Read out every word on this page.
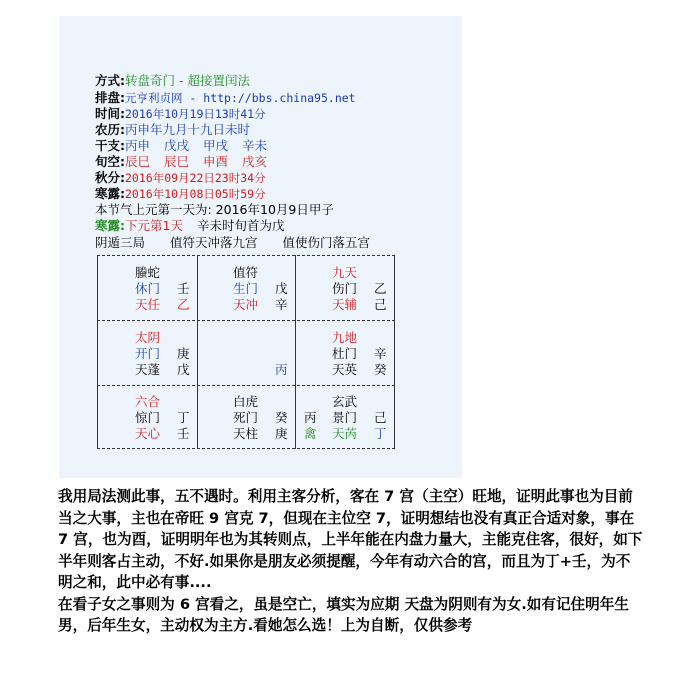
方式:转盘奇门 - 超接置闰法
排盘:元亨利贞网 - http://bbs.china95.net
时间:2016年10月19日13时41分
农历:丙申年九月十九日未时
干支:丙申 戊戌 甲戌 辛未
旬空:辰巳 辰巳 申酉 戌亥
秋分:2016年09月22日23时34分
寒露:2016年10月08日05时59分
本节气上元第一天为: 2016年10月9日甲子
寒露:下元第1天 辛未时旬首为戊
阴遁三局　　值符天冲落九宫　　值使伤门落五宫
螣蛇
休门 壬
天任 乙
值符
生门 戊
天冲 辛
九天
伤门 乙
天辅 己
太阴
开门 庚
天蓬 戊	丙
九地
杜门 辛
天英 癸
六合
惊门 丁
天心 壬
白虎
死门 癸
天柱 庚
玄武
丙 景门 己
禽 天芮 丁

我用局法测此事，五不遇时。利用主客分析，客在 7 宫（主空）旺地，证明此事也为目前当之大事，主也在帝旺 9 宫克 7，但现在主位空 7，证明想结也没有真正合适对象，事在 7 宫，也为酉，证明明年也为其转则点，上半年能在内盘力量大，主能克住客，很好，如下半年则客占主动，不好.如果你是朋友必须提醒，今年有动六合的宫，而且为丁+壬，为不明之和，此中必有事....

在看子女之事则为 6 宫看之，虽是空亡，填实为应期 天盘为阴则有为女.如有记住明年生男，后年生女，主动权为主方.看她怎么选！上为自断，仅供参考
